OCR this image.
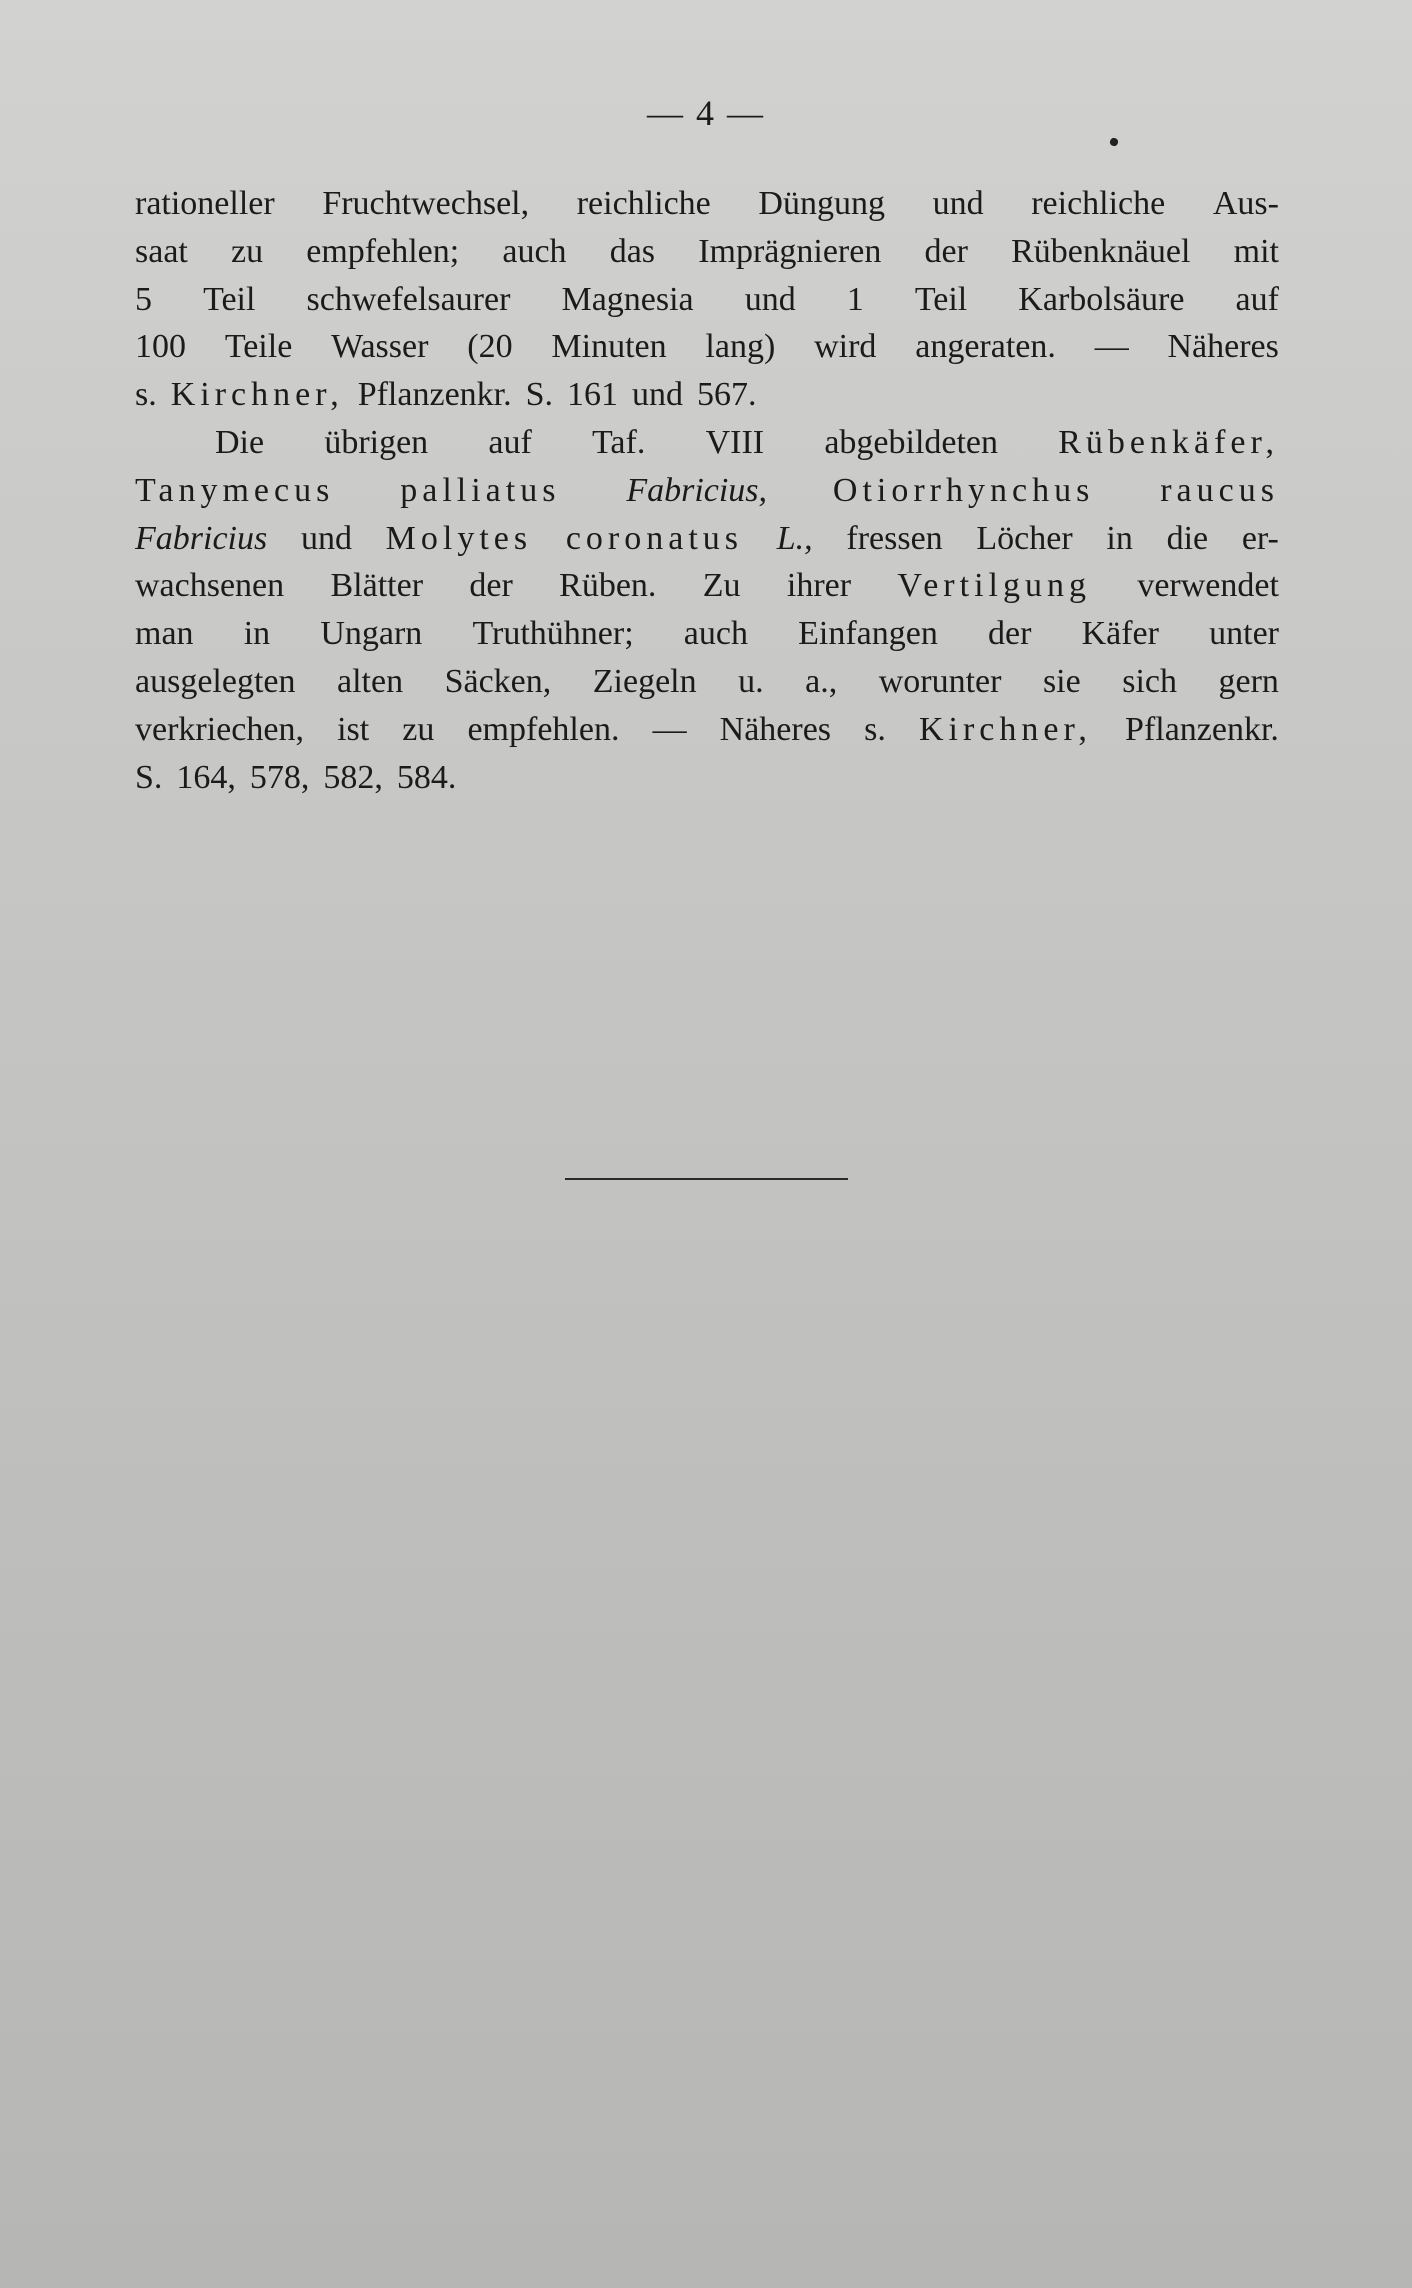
— 4 —
rationeller Fruchtwechsel, reichliche Düngung und reichliche Aus-
saat zu empfehlen; auch das Imprägnieren der Rübenknäuel mit
5 Teil schwefelsaurer Magnesia und 1 Teil Karbolsäure auf
100 Teile Wasser (20 Minuten lang) wird angeraten. — Näheres
s. Kirchner, Pflanzenkr. S. 161 und 567.
Die übrigen auf Taf. VIII abgebildeten Rübenkäfer,
Tanymecus palliatus Fabricius, Otiorrhynchus raucus
Fabricius und Molytes coronatus L., fressen Löcher in die er-
wachsenen Blätter der Rüben. Zu ihrer Vertilgung verwendet
man in Ungarn Truthühner; auch Einfangen der Käfer unter
ausgelegten alten Säcken, Ziegeln u. a., worunter sie sich gern
verkriechen, ist zu empfehlen. — Näheres s. Kirchner, Pflanzenkr.
S. 164, 578, 582, 584.
